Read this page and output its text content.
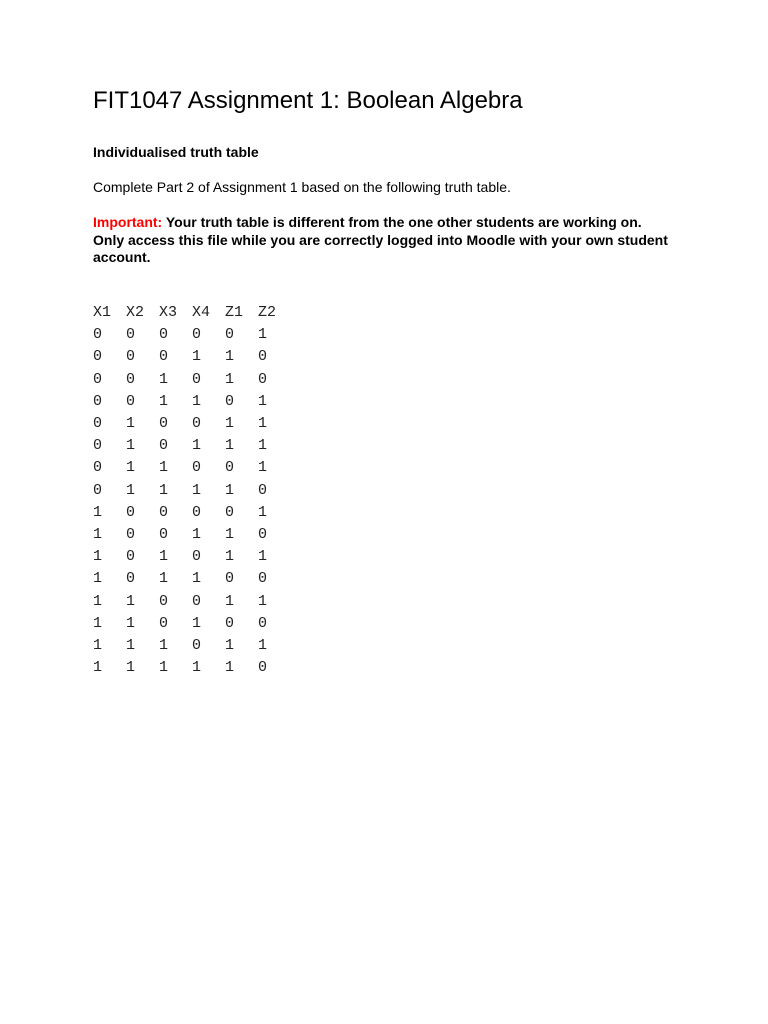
FIT1047 Assignment 1: Boolean Algebra

Individualised truth table

Complete Part 2 of Assignment 1 based on the following truth table.

Important: Your truth table is different from the one other students are working on. Only access this file while you are correctly logged into Moodle with your own student account.

X1	X2	X3	X4	Z1	Z2
0	0	0	0	0	1
0	0	0	1	1	0
0	0	1	0	1	0
0	0	1	1	0	1
0	1	0	0	1	1
0	1	0	1	1	1
0	1	1	0	0	1
0	1	1	1	1	0
1	0	0	0	0	1
1	0	0	1	1	0
1	0	1	0	1	1
1	0	1	1	0	0
1	1	0	0	1	1
1	1	0	1	0	0
1	1	1	0	1	1
1	1	1	1	1	0
